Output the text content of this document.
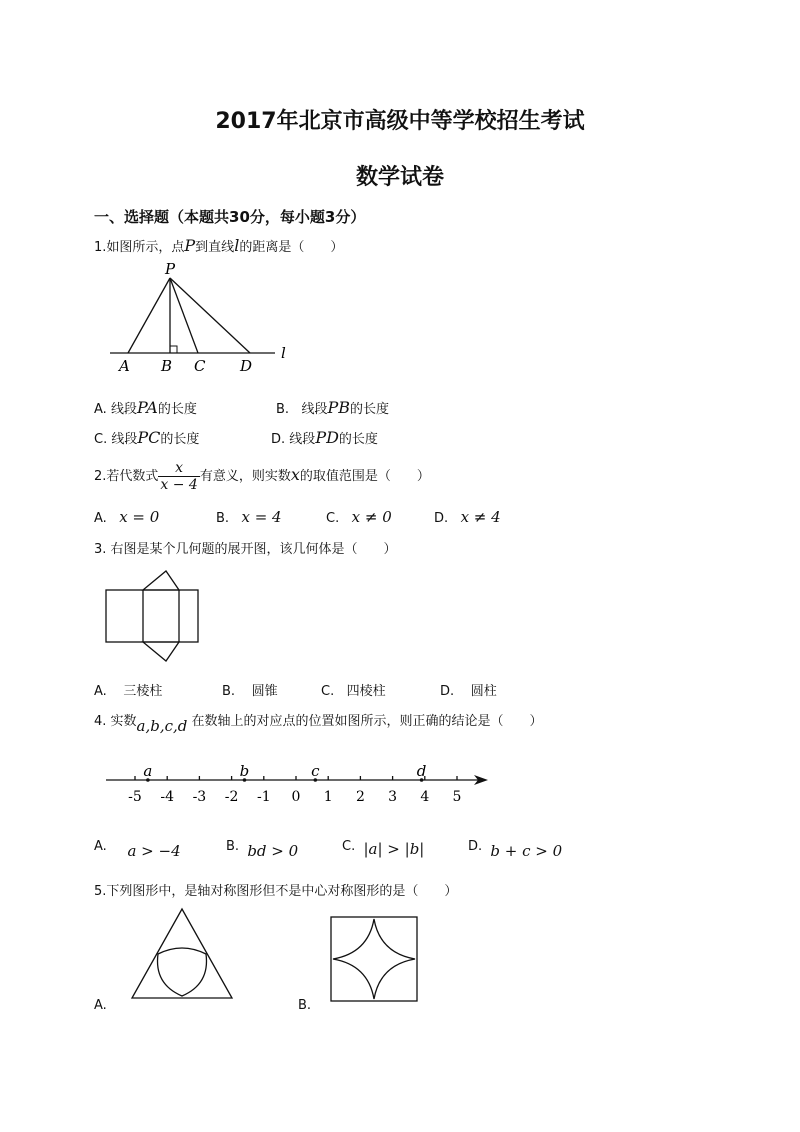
2017年北京市高级中等学校招生考试
数学试卷
一、选择题（本题共30分，每小题3分）
1.如图所示，点P到直线l的距离是（　　）
P
A B C D
l
A. 线段PA的长度	B. 线段PB的长度
C. 线段PC的长度	D. 线段PD的长度
2.若代数式 $\frac{x}{x - 4}$ 有意义，则实数x的取值范围是（　　）
A. x = 0	B. x = 4	C. x ≠ 0	D. x ≠ 4
3. 右图是某个几何题的展开图，该几何体是（　　）
A. 三棱柱	B. 圆锥	C. 四棱柱	D. 圆柱
4. 实数a,b,c,d 在数轴上的对应点的位置如图所示，则正确的结论是（　　）
-5 -4 -3 -2 -1 0 1 2 3 4 5
a	b	c	d
A. a > −4	B. bd > 0	C. |a| > |b|	D. b + c > 0
5.下列图形中，是轴对称图形但不是中心对称图形的是（　　）
A.	B.
